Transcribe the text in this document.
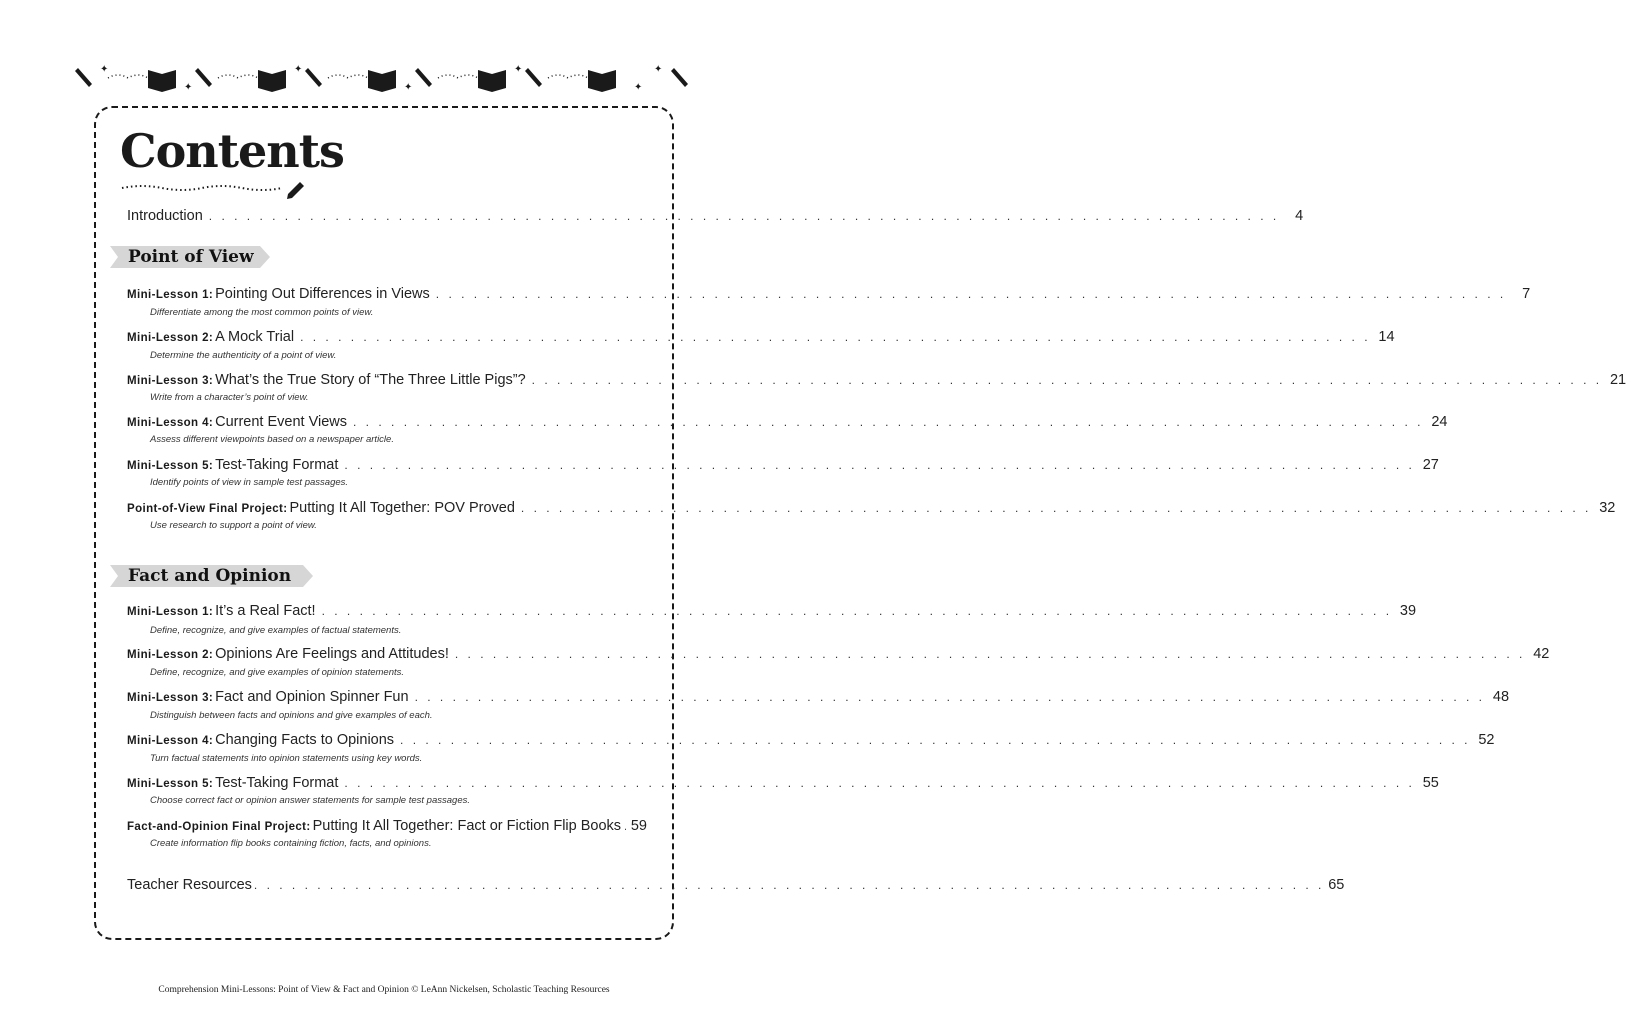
✦
✦
✦
✦
✦
✦
✦
Contents
Introduction . . . . . . . . . . . . . . . . . . . . . . . . . . . . . . . . . . . . . . . . . . . . . . . . . . . . . . . . . . . . . . . . . . . . . . . . . . . . . . . . . . . . .	4
Point of View
Mini-Lesson 1: Pointing Out Differences in Views . . . . . . . . . . . . . . . . . . . . . . . . . . . . . . . . . . . . . . . . . . . . . . . . . . . . . . . . . . . . . . . . . . . . . . . . . . . . . . . . . . . . .	7
Differentiate among the most common points of view.
Mini-Lesson 2: A Mock Trial . . . . . . . . . . . . . . . . . . . . . . . . . . . . . . . . . . . . . . . . . . . . . . . . . . . . . . . . . . . . . . . . . . . . . . . . . . . . . . . . . . . . . 14
Determine the authenticity of a point of view.
Mini-Lesson 3: What’s the True Story of “The Three Little Pigs”? . . . . . . . . . . . . . . . . . . . . . . . . . . . . . . . . . . . . . . . . . . . . . . . . . . . . . . . . . . . . . . . . . . . . . . . . . . . . . . . . . . . . . 21
Write from a character’s point of view.
Mini-Lesson 4: Current Event Views . . . . . . . . . . . . . . . . . . . . . . . . . . . . . . . . . . . . . . . . . . . . . . . . . . . . . . . . . . . . . . . . . . . . . . . . . . . . . . . . . . . . . 24
Assess different viewpoints based on a newspaper article.
Mini-Lesson 5: Test-Taking Format . . . . . . . . . . . . . . . . . . . . . . . . . . . . . . . . . . . . . . . . . . . . . . . . . . . . . . . . . . . . . . . . . . . . . . . . . . . . . . . . . . . . . 27
Identify points of view in sample test passages.
Point-of-View Final Project: Putting It All Together: POV Proved . . . . . . . . . . . . . . . . . . . . . . . . . . . . . . . . . . . . . . . . . . . . . . . . . . . . . . . . . . . . . . . . . . . . . . . . . . . . . . . . . . . . . 32
Use research to support a point of view.
Fact and Opinion
Mini-Lesson 1: It’s a Real Fact! . . . . . . . . . . . . . . . . . . . . . . . . . . . . . . . . . . . . . . . . . . . . . . . . . . . . . . . . . . . . . . . . . . . . . . . . . . . . . . . . . . . . . 39
Define, recognize, and give examples of factual statements.
Mini-Lesson 2: Opinions Are Feelings and Attitudes! . . . . . . . . . . . . . . . . . . . . . . . . . . . . . . . . . . . . . . . . . . . . . . . . . . . . . . . . . . . . . . . . . . . . . . . . . . . . . . . . . . . . . 42
Define, recognize, and give examples of opinion statements.
Mini-Lesson 3: Fact and Opinion Spinner Fun . . . . . . . . . . . . . . . . . . . . . . . . . . . . . . . . . . . . . . . . . . . . . . . . . . . . . . . . . . . . . . . . . . . . . . . . . . . . . . . . . . . . . 48
Distinguish between facts and opinions and give examples of each.
Mini-Lesson 4: Changing Facts to Opinions . . . . . . . . . . . . . . . . . . . . . . . . . . . . . . . . . . . . . . . . . . . . . . . . . . . . . . . . . . . . . . . . . . . . . . . . . . . . . . . . . . . . . 52
Turn factual statements into opinion statements using key words.
Mini-Lesson 5: Test-Taking Format . . . . . . . . . . . . . . . . . . . . . . . . . . . . . . . . . . . . . . . . . . . . . . . . . . . . . . . . . . . . . . . . . . . . . . . . . . . . . . . . . . . . . 55
Choose correct fact or opinion answer statements for sample test passages.
Fact-and-Opinion Final Project: Putting It All Together: Fact or Fiction Flip Books 59
Create information flip books containing fiction, facts, and opinions.
Teacher Resources . . . . . . . . . . . . . . . . . . . . . . . . . . . . . . . . . . . . . . . . . . . . . . . . . . . . . . . . . . . . . . . . . . . . . . . . . . . . . . . . . . . . . 65
Comprehension Mini-Lessons: Point of View & Fact and Opinion © LeAnn Nickelsen, Scholastic Teaching Resources
